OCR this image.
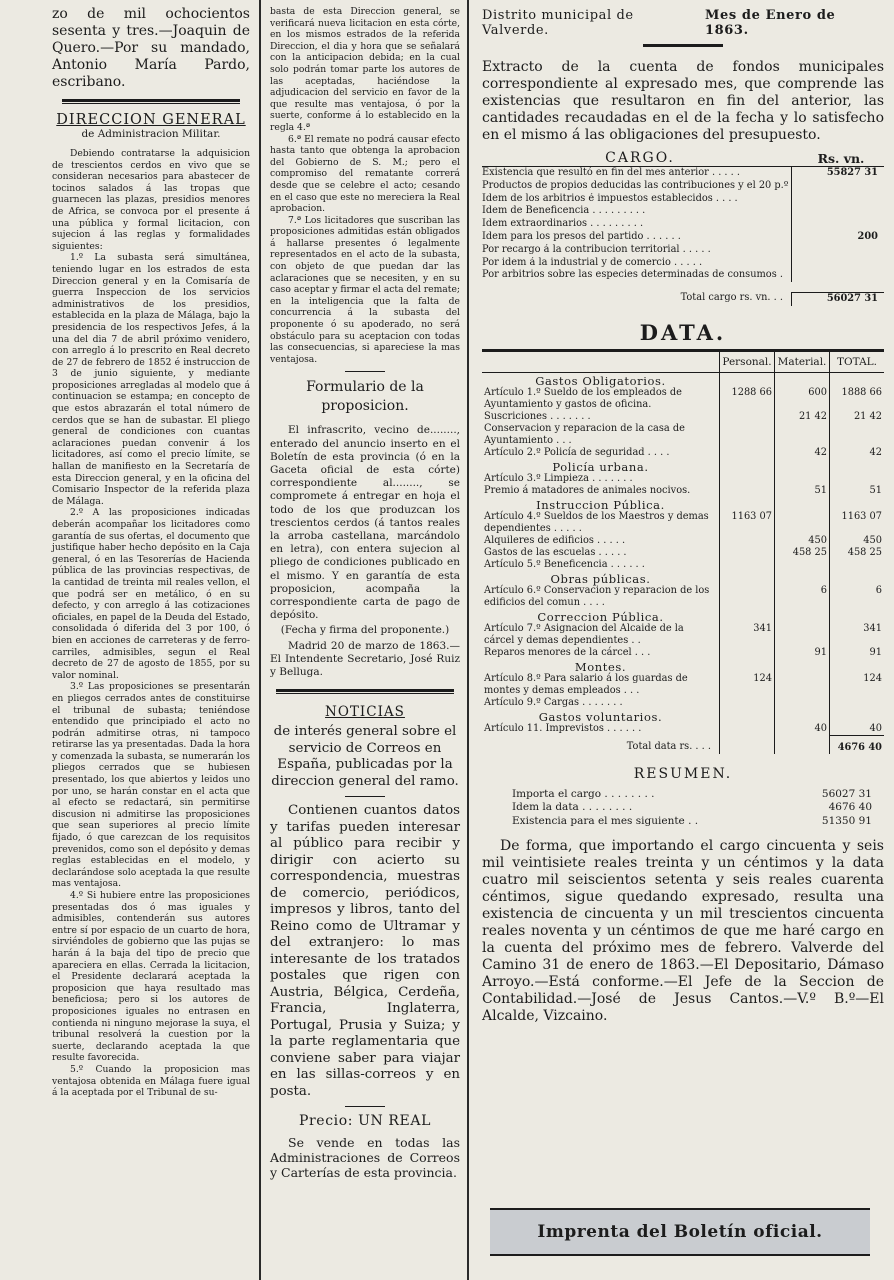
zo de mil ochocientos sesenta y tres.—Joaquin de Quero.—Por su mandado, Antonio María Pardo, escribano.

DIRECCION GENERAL

de Administracion Militar.

Debiendo contratarse la adquisicion de trescientos cerdos en vivo que se consideran necesarios para abastecer de tocinos salados á las tropas que guarnecen las plazas, presidios menores de Africa, se convoca por el presente á una pública y formal licitacion, con sujecion á las reglas y formalidades siguientes:

1.º La subasta será simultánea, teniendo lugar en los estrados de esta Direccion general y en la Comisaría de guerra Inspeccion de los servicios administrativos de los presidios, establecida en la plaza de Málaga, bajo la presidencia de los respectivos Jefes, á la una del dia 7 de abril próximo venidero, con arreglo á lo prescrito en Real decreto de 27 de febrero de 1852 é instruccion de 3 de junio siguiente, y mediante proposiciones arregladas al modelo que á continuacion se estampa; en concepto de que estos abrazarán el total número de cerdos que se han de subastar. El pliego general de condiciones con cuantas aclaraciones puedan convenir á los licitadores, así como el precio límite, se hallan de manifiesto en la Secretaría de esta Direccion general, y en la oficina del Comisario Inspector de la referida plaza de Málaga.

2.º A las proposiciones indicadas deberán acompañar los licitadores como garantía de sus ofertas, el documento que justifique haber hecho depósito en la Caja general, ó en las Tesorerías de Hacienda pública de las provincias respectivas, de la cantidad de treinta mil reales vellon, el que podrá ser en metálico, ó en su defecto, y con arreglo á las cotizaciones oficiales, en papel de la Deuda del Estado, consolidada ó diferida del 3 por 100, ó bien en acciones de carreteras y de ferro-carriles, admisibles, segun el Real decreto de 27 de agosto de 1855, por su valor nominal.

3.º Las proposiciones se presentarán en pliegos cerrados antes de constituirse el tribunal de subasta; teniéndose entendido que principiado el acto no podrán admitirse otras, ni tampoco retirarse las ya presentadas. Dada la hora y comenzada la subasta, se numerarán los pliegos cerrados que se hubiesen presentado, los que abiertos y leidos uno por uno, se harán constar en el acta que al efecto se redactará, sin permitirse discusion ni admitirse las proposiciones que sean superiores al precio límite fijado, ó que carezcan de los requisitos prevenidos, como son el depósito y demas reglas establecidas en el modelo, y declarándose solo aceptada la que resulte mas ventajosa.

4.º Si hubiere entre las proposiciones presentadas dos ó mas iguales y admisibles, contenderán sus autores entre sí por espacio de un cuarto de hora, sirviéndoles de gobierno que las pujas se harán á la baja del tipo de precio que apareciera en ellas. Cerrada la licitacion, el Presidente declarará aceptada la proposicion que haya resultado mas beneficiosa; pero si los autores de proposiciones iguales no entrasen en contienda ni ninguno mejorase la suya, el tribunal resolverá la cuestion por la suerte, declarando aceptada la que resulte favorecida.

5.º Cuando la proposicion mas ventajosa obtenida en Málaga fuere igual á la aceptada por el Tribunal de su-

basta de esta Direccion general, se verificará nueva licitacion en esta córte, en los mismos estrados de la referida Direccion, el dia y hora que se señalará con la anticipacion debida; en la cual solo podrán tomar parte los autores de las aceptadas, haciéndose la adjudicacion del servicio en favor de la que resulte mas ventajosa, ó por la suerte, conforme á lo establecido en la regla 4.ª

6.ª El remate no podrá causar efecto hasta tanto que obtenga la aprobacion del Gobierno de S. M.; pero el compromiso del rematante correrá desde que se celebre el acto; cesando en el caso que este no mereciera la Real aprobacion.

7.ª Los licitadores que suscriban las proposiciones admitidas están obligados á hallarse presentes ó legalmente representados en el acto de la subasta, con objeto de que puedan dar las aclaraciones que se necesiten, y en su caso aceptar y firmar el acta del remate; en la inteligencia que la falta de concurrencia á la subasta del proponente ó su apoderado, no será obstáculo para su aceptacion con todas las consecuencias, si apareciese la mas ventajosa.

Formulario de la proposicion.

El infrascrito, vecino de........, enterado del anuncio inserto en el Boletín de esta provincia (ó en la Gaceta oficial de esta córte) correspondiente al........, se compromete á entregar en hoja el todo de los que produzcan los trescientos cerdos (á tantos reales la arroba castellana, marcándolo en letra), con entera sujecion al pliego de condiciones publicado en el mismo. Y en garantía de esta proposicion, acompaña la correspondiente carta de pago de depósito.

(Fecha y firma del proponente.)

Madrid 20 de marzo de 1863.—El Intendente Secretario, José Ruiz y Belluga.

NOTICIAS

de interés general sobre el servicio de Correos en España, publicadas por la direccion general del ramo.

Contienen cuantos datos y tarifas pueden interesar al público para recibir y dirigir con acierto su correspondencia, muestras de comercio, periódicos, impresos y libros, tanto del Reino como de Ultramar y del extranjero: lo mas interesante de los tratados postales que rigen con Austria, Bélgica, Cerdeña, Francia, Inglaterra, Portugal, Prusia y Suiza; y la parte reglamentaria que conviene saber para viajar en las sillas-correos y en posta.

Precio: UN REAL

Se vende en todas las Administraciones de Correos y Carterías de esta provincia.

Distrito municipal de Valverde.
Mes de Enero de 1863.

Extracto de la cuenta de fondos municipales correspondiente al expresado mes, que comprende las existencias que resultaron en fin del anterior, las cantidades recaudadas en el de la fecha y lo satisfecho en el mismo á las obligaciones del presupuesto.

CARGO.	Rs. vn.
Existencia que resultó en fin del mes anterior . . . . .	55827 31
Productos de propios deducidas las contribuciones y el 20 p.º
Idem de los arbitrios é impuestos establecidos . . . .
Idem de Beneficencia . . . . . . . . .
Idem extraordinarios . . . . . . . . .
Idem para los presos del partido . . . . . .	200
Por recargo á la contribucion territorial . . . . .
Por idem á la industrial y de comercio . . . . .
Por arbitrios sobre las especies determinadas de consumos .
Total cargo rs. vn. . .	56027 31
DATA.
	Personal.	Material.	TOTAL.
Gastos Obligatorios.			
Artículo 1.º Sueldo de los empleados de Ayuntamiento y gastos de oficina.	1288 66	600	1888 66
Suscriciones . . . . . . .		21 42	21 42
Conservacion y reparacion de la casa de Ayuntamiento . . .			
Artículo 2.º Policía de seguridad . . . .		42	42
Policía urbana.			
Artículo 3.º Limpieza . . . . . . .			
Premio á matadores de animales nocivos.		51	51
Instruccion Pública.			
Artículo 4.º Sueldos de los Maestros y demas dependientes . . . . .	1163 07		1163 07
Alquileres de edificios . . . . .		450	450
Gastos de las escuelas . . . . .		458 25	458 25
Artículo 5.º Beneficencia . . . . . .			
Obras públicas.			
Artículo 6.º Conservacion y reparacion de los edificios del comun . . . .		6	6
Correccion Pública.			
Artículo 7.º Asignacion del Alcaide de la cárcel y demas dependientes . .	341		341
Reparos menores de la cárcel . . .		91	91
Montes.			
Artículo 8.º Para salario á los guardas de montes y demas empleados . . .	124		124
Artículo 9.º Cargas . . . . . . .			
Gastos voluntarios.			
Artículo 11. Imprevistos . . . . . .		40	40
Total data rs. . . .			4676 40
RESUMEN.
Importa el cargo . . . . . . . .	56027 31
Idem la data . . . . . . . .	4676 40
Existencia para el mes siguiente . .	51350 91

De forma, que importando el cargo cincuenta y seis mil veintisiete reales treinta y un céntimos y la data cuatro mil seiscientos setenta y seis reales cuarenta céntimos, sigue quedando expresado, resulta una existencia de cincuenta y un mil trescientos cincuenta reales noventa y un céntimos de que me haré cargo en la cuenta del próximo mes de febrero. Valverde del Camino 31 de enero de 1863.—El Depositario, Dámaso Arroyo.—Está conforme.—El Jefe de la Seccion de Contabilidad.—José de Jesus Cantos.—V.º B.º—El Alcalde, Vizcaino.

Imprenta del Boletín oficial.
